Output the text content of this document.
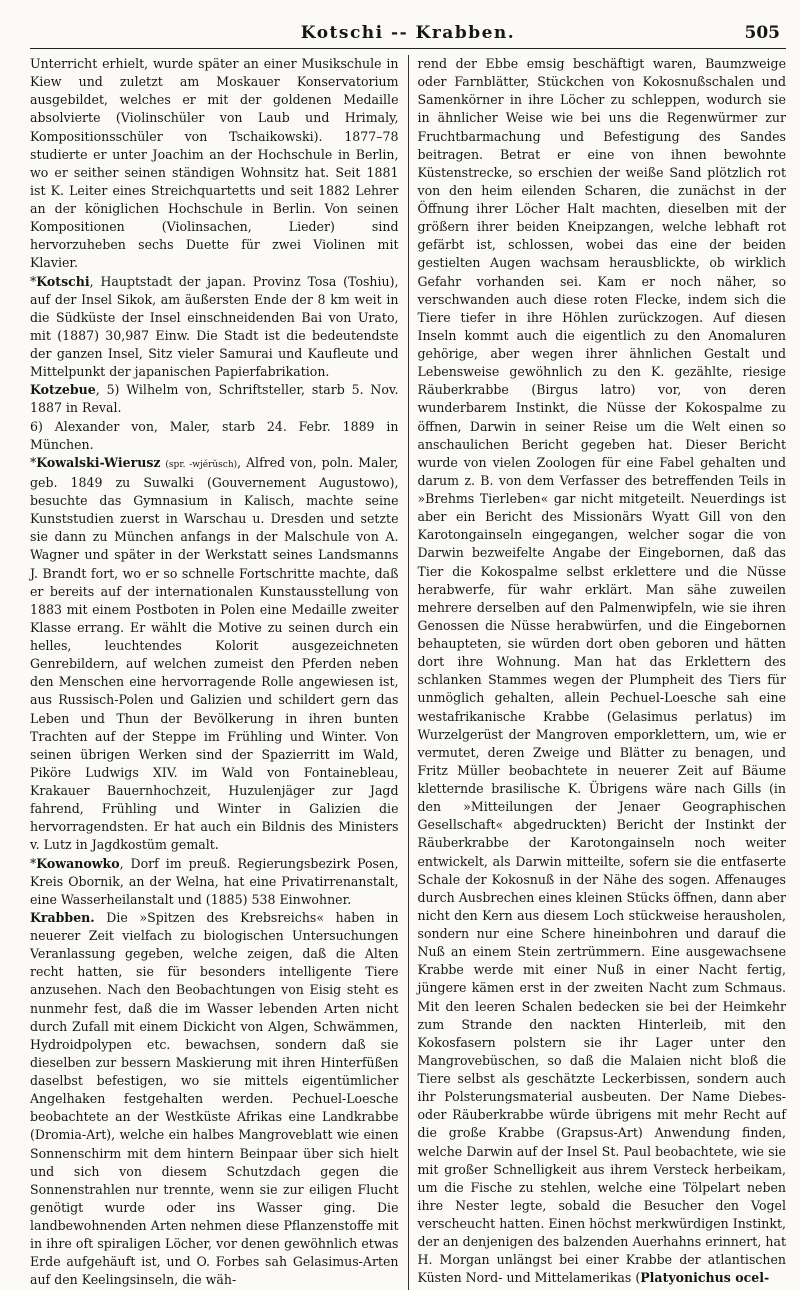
Kotschi -- Krabben.	505

Unterricht erhielt, wurde später an einer Musikschule in Kiew und zuletzt am Moskauer Konservatorium ausgebildet, welches er mit der goldenen Medaille absolvierte (Violinschüler von Laub und Hrimaly, Kompositionsschüler von Tschaikowski). 1877–78 studierte er unter Joachim an der Hochschule in Berlin, wo er seither seinen ständigen Wohnsitz hat. Seit 1881 ist K. Leiter eines Streichquartetts und seit 1882 Lehrer an der königlichen Hochschule in Berlin. Von seinen Kompositionen (Violinsachen, Lieder) sind hervorzuheben sechs Duette für zwei Violinen mit Klavier.

*Kotschi, Hauptstadt der japan. Provinz Tosa (Toshiu), auf der Insel Sikok, am äußersten Ende der 8 km weit in die Südküste der Insel einschneidenden Bai von Urato, mit (1887) 30,987 Einw. Die Stadt ist die bedeutendste der ganzen Insel, Sitz vieler Samurai und Kaufleute und Mittelpunkt der japanischen Papierfabrikation.

Kotzebue, 5) Wilhelm von, Schriftsteller, starb 5. Nov. 1887 in Reval.

6) Alexander von, Maler, starb 24. Febr. 1889 in München.

*Kowalski-Wierusz (spr. -wjérŭsch), Alfred von, poln. Maler, geb. 1849 zu Suwalki (Gouvernement Augustowo), besuchte das Gymnasium in Kalisch, machte seine Kunststudien zuerst in Warschau u. Dresden und setzte sie dann zu München anfangs in der Malschule von A. Wagner und später in der Werkstatt seines Landsmanns J. Brandt fort, wo er so schnelle Fortschritte machte, daß er bereits auf der internationalen Kunstausstellung von 1883 mit einem Postboten in Polen eine Medaille zweiter Klasse errang. Er wählt die Motive zu seinen durch ein helles, leuchtendes Kolorit ausgezeichneten Genrebildern, auf welchen zumeist den Pferden neben den Menschen eine hervorragende Rolle angewiesen ist, aus Russisch-Polen und Galizien und schildert gern das Leben und Thun der Bevölkerung in ihren bunten Trachten auf der Steppe im Frühling und Winter. Von seinen übrigen Werken sind der Spazierritt im Wald, Piköre Ludwigs XIV. im Wald von Fontainebleau, Krakauer Bauernhochzeit, Huzulenjäger zur Jagd fahrend, Frühling und Winter in Galizien die hervorragendsten. Er hat auch ein Bildnis des Ministers v. Lutz in Jagdkostüm gemalt.

*Kowanowko, Dorf im preuß. Regierungsbezirk Posen, Kreis Obornik, an der Welna, hat eine Privatirrenanstalt, eine Wasserheilanstalt und (1885) 538 Einwohner.

Krabben. Die »Spitzen des Krebsreichs« haben in neuerer Zeit vielfach zu biologischen Untersuchungen Veranlassung gegeben, welche zeigen, daß die Alten recht hatten, sie für besonders intelligente Tiere anzusehen. Nach den Beobachtungen von Eisig steht es nunmehr fest, daß die im Wasser lebenden Arten nicht durch Zufall mit einem Dickicht von Algen, Schwämmen, Hydroidpolypen etc. bewachsen, sondern daß sie dieselben zur bessern Maskierung mit ihren Hinterfüßen daselbst befestigen, wo sie mittels eigentümlicher Angelhaken festgehalten werden. Pechuel-Loesche beobachtete an der Westküste Afrikas eine Landkrabbe (Dromia-Art), welche ein halbes Mangroveblatt wie einen Sonnenschirm mit dem hintern Beinpaar über sich hielt und sich von diesem Schutzdach gegen die Sonnenstrahlen nur trennte, wenn sie zur eiligen Flucht genötigt wurde oder ins Wasser ging. Die landbewohnenden Arten nehmen diese Pflanzenstoffe mit in ihre oft spiraligen Löcher, vor denen gewöhnlich etwas Erde aufgehäuft ist, und O. Forbes sah Gelasimus-Arten auf den Keelingsinseln, die wäh-

rend der Ebbe emsig beschäftigt waren, Baumzweige oder Farnblätter, Stückchen von Kokosnußschalen und Samenkörner in ihre Löcher zu schleppen, wodurch sie in ähnlicher Weise wie bei uns die Regenwürmer zur Fruchtbarmachung und Befestigung des Sandes beitragen. Betrat er eine von ihnen bewohnte Küstenstrecke, so erschien der weiße Sand plötzlich rot von den heim eilenden Scharen, die zunächst in der Öffnung ihrer Löcher Halt machten, dieselben mit der größern ihrer beiden Kneipzangen, welche lebhaft rot gefärbt ist, schlossen, wobei das eine der beiden gestielten Augen wachsam herausblickte, ob wirklich Gefahr vorhanden sei. Kam er noch näher, so verschwanden auch diese roten Flecke, indem sich die Tiere tiefer in ihre Höhlen zurückzogen. Auf diesen Inseln kommt auch die eigentlich zu den Anomaluren gehörige, aber wegen ihrer ähnlichen Gestalt und Lebensweise gewöhnlich zu den K. gezählte, riesige Räuberkrabbe (Birgus latro) vor, von deren wunderbarem Instinkt, die Nüsse der Kokospalme zu öffnen, Darwin in seiner Reise um die Welt einen so anschaulichen Bericht gegeben hat. Dieser Bericht wurde von vielen Zoologen für eine Fabel gehalten und darum z. B. von dem Verfasser des betreffenden Teils in »Brehms Tierleben« gar nicht mitgeteilt. Neuerdings ist aber ein Bericht des Missionärs Wyatt Gill von den Karotongainseln eingegangen, welcher sogar die von Darwin bezweifelte Angabe der Eingebornen, daß das Tier die Kokospalme selbst erklettere und die Nüsse herabwerfe, für wahr erklärt. Man sähe zuweilen mehrere derselben auf den Palmenwipfeln, wie sie ihren Genossen die Nüsse herabwürfen, und die Eingebornen behaupteten, sie würden dort oben geboren und hätten dort ihre Wohnung. Man hat das Erklettern des schlanken Stammes wegen der Plumpheit des Tiers für unmöglich gehalten, allein Pechuel-Loesche sah eine westafrikanische Krabbe (Gelasimus perlatus) im Wurzelgerüst der Mangroven emporklettern, um, wie er vermutet, deren Zweige und Blätter zu benagen, und Fritz Müller beobachtete in neuerer Zeit auf Bäume kletternde brasilische K. Übrigens wäre nach Gills (in den »Mitteilungen der Jenaer Geographischen Gesellschaft« abgedruckten) Bericht der Instinkt der Räuberkrabbe der Karotongainseln noch weiter entwickelt, als Darwin mitteilte, sofern sie die entfaserte Schale der Kokosnuß in der Nähe des sogen. Affenauges durch Ausbrechen eines kleinen Stücks öffnen, dann aber nicht den Kern aus diesem Loch stückweise herausholen, sondern nur eine Schere hineinbohren und darauf die Nuß an einem Stein zertrümmern. Eine ausgewachsene Krabbe werde mit einer Nuß in einer Nacht fertig, jüngere kämen erst in der zweiten Nacht zum Schmaus. Mit den leeren Schalen bedecken sie bei der Heimkehr zum Strande den nackten Hinterleib, mit den Kokosfasern polstern sie ihr Lager unter den Mangrovebüschen, so daß die Malaien nicht bloß die Tiere selbst als geschätzte Leckerbissen, sondern auch ihr Polsterungsmaterial ausbeuten. Der Name Diebes- oder Räuberkrabbe würde übrigens mit mehr Recht auf die große Krabbe (Grapsus-Art) Anwendung finden, welche Darwin auf der Insel St. Paul beobachtete, wie sie mit großer Schnelligkeit aus ihrem Versteck herbeikam, um die Fische zu stehlen, welche eine Tölpelart neben ihre Nester legte, sobald die Besucher den Vogel verscheucht hatten. Einen höchst merkwürdigen Instinkt, der an denjenigen des balzenden Auerhahns erinnert, hat H. Morgan unlängst bei einer Krabbe der atlantischen Küsten Nord- und Mittelamerikas (Platyonichus ocel-
